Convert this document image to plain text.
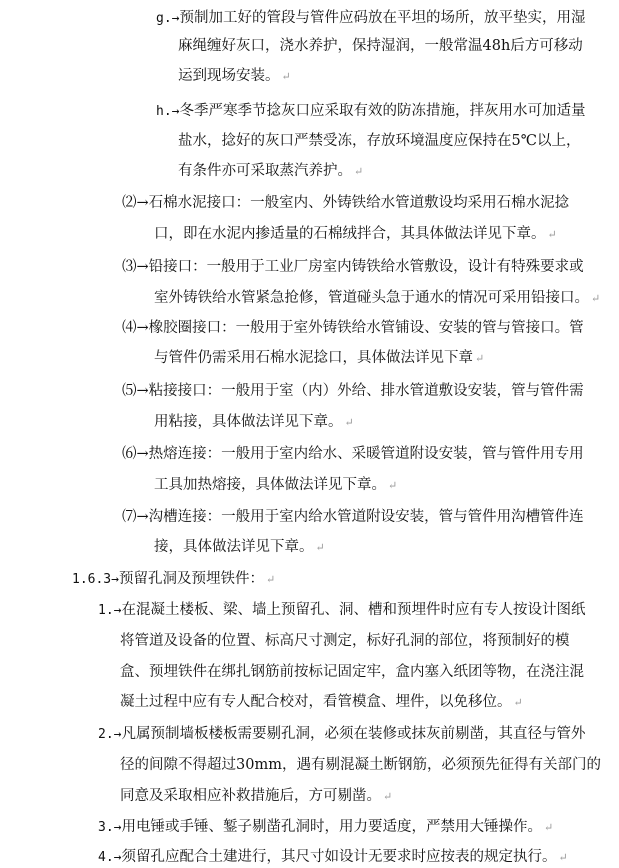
g.→预制加工好的管段与管件应码放在平坦的场所，放平垫实，用湿
麻绳缠好灰口，浇水养护，保持湿润，一般常温48h后方可移动
运到现场安装。 ↵
h.→冬季严寒季节捻灰口应采取有效的防冻措施，拌灰用水可加适量
盐水，捻好的灰口严禁受冻，存放环境温度应保持在5℃以上，
有条件亦可采取蒸汽养护。 ↵
⑵→石棉水泥接口：一般室内、外铸铁给水管道敷设均采用石棉水泥捻
口，即在水泥内掺适量的石棉绒拌合，其具体做法详见下章。 ↵
⑶→铅接口：一般用于工业厂房室内铸铁给水管敷设，设计有特殊要求或
室外铸铁给水管紧急抢修，管道碰头急于通水的情况可采用铅接口。 ↵
⑷→橡胶圈接口：一般用于室外铸铁给水管铺设、安装的管与管接口。管
与管件仍需采用石棉水泥捻口，具体做法详见下章 ↵
⑸→粘接接口：一般用于室（内）外给、排水管道敷设安装，管与管件需
用粘接，具体做法详见下章。 ↵
⑹→热熔连接：一般用于室内给水、采暖管道附设安装，管与管件用专用
工具加热熔接，具体做法详见下章。 ↵
⑺→沟槽连接：一般用于室内给水管道附设安装，管与管件用沟槽管件连
接，具体做法详见下章。 ↵
1.6.3→预留孔洞及预埋铁件： ↵
1.→在混凝土楼板、梁、墙上预留孔、洞、槽和预埋件时应有专人按设计图纸
将管道及设备的位置、标高尺寸测定，标好孔洞的部位，将预制好的模
盒、预埋铁件在绑扎钢筋前按标记固定牢，盒内塞入纸团等物，在浇注混
凝土过程中应有专人配合校对，看管模盒、埋件，以免移位。 ↵
2.→凡属预制墙板楼板需要剔孔洞，必须在装修或抹灰前剔凿，其直径与管外
径的间隙不得超过30mm，遇有剔混凝土断钢筋，必须预先征得有关部门的
同意及采取相应补救措施后，方可剔凿。 ↵
3.→用电锤或手锤、錾子剔凿孔洞时，用力要适度，严禁用大锤操作。 ↵
4.→须留孔应配合土建进行，其尺寸如设计无要求时应按表的规定执行。 ↵
